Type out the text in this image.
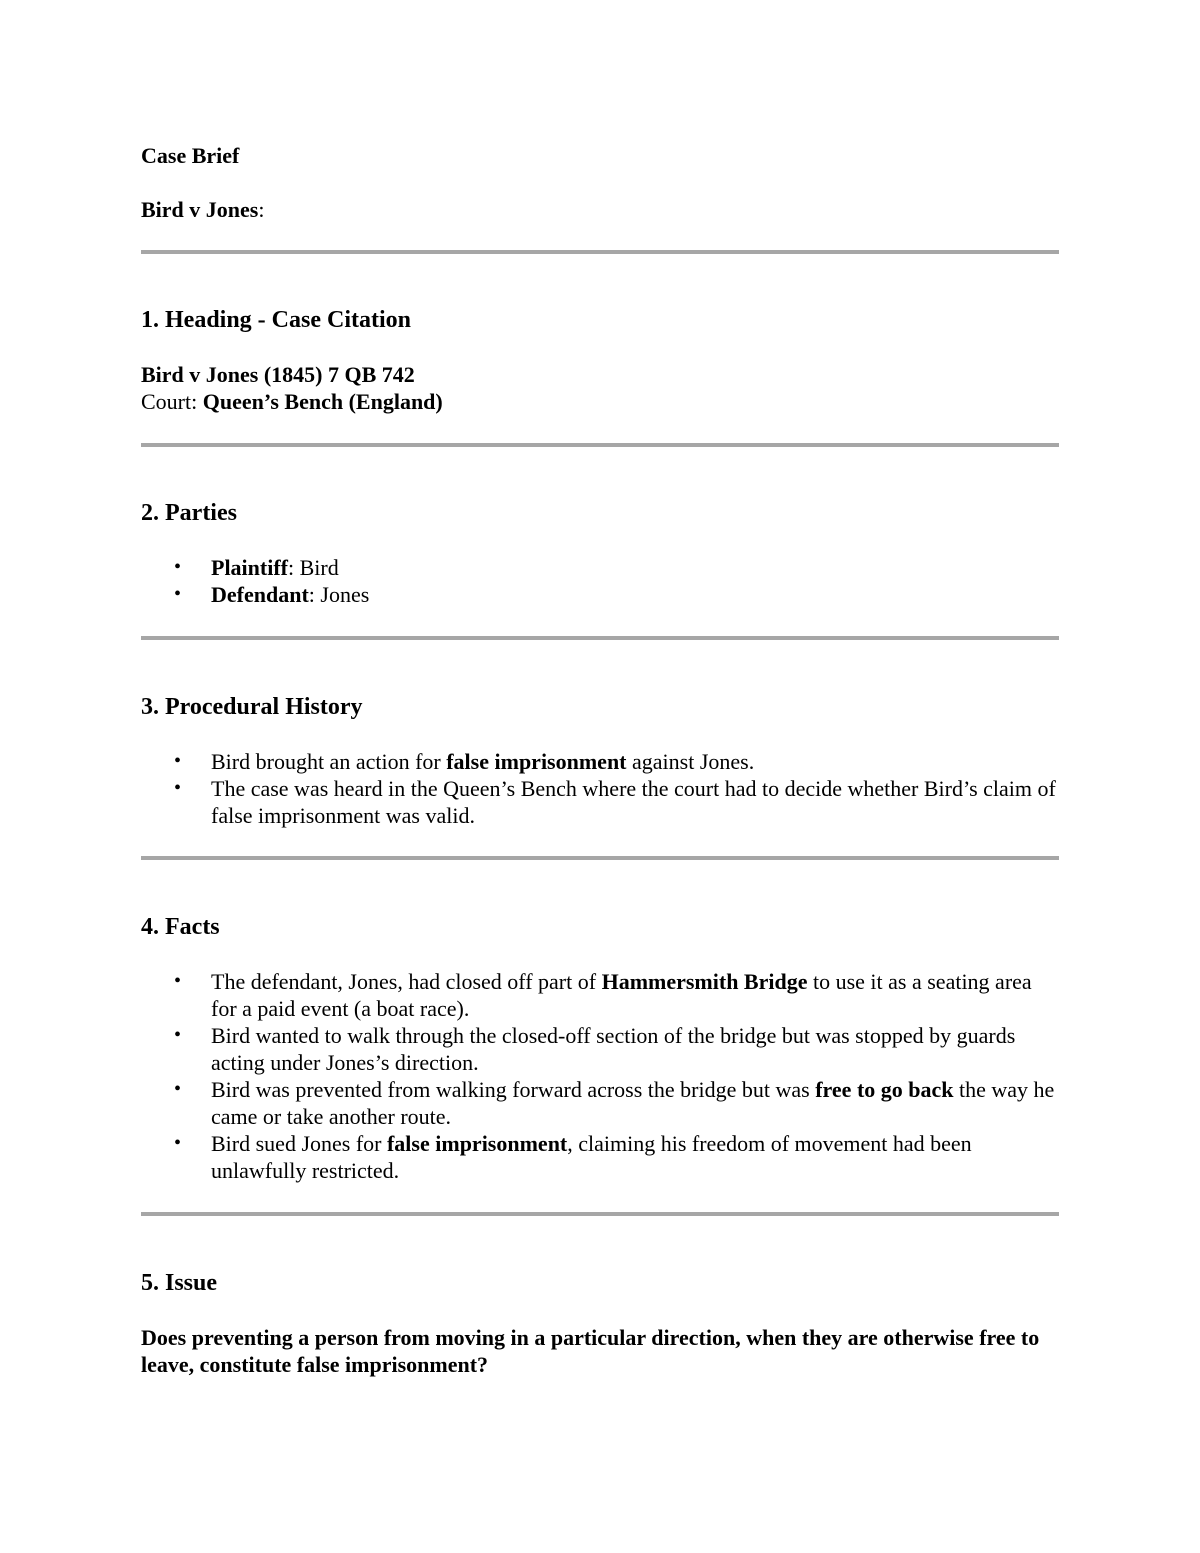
Case Brief

Bird v Jones:

1. Heading - Case Citation

Bird v Jones (1845) 7 QB 742

Court: Queen’s Bench (England)

2. Parties

• Plaintiff: Bird
• Defendant: Jones

3. Procedural History

• Bird brought an action for false imprisonment against Jones.
• The case was heard in the Queen’s Bench where the court had to decide whether Bird’s claim of false imprisonment was valid.

4. Facts

• The defendant, Jones, had closed off part of Hammersmith Bridge to use it as a seating area for a paid event (a boat race).
• Bird wanted to walk through the closed-off section of the bridge but was stopped by guards acting under Jones’s direction.
• Bird was prevented from walking forward across the bridge but was free to go back the way he came or take another route.
• Bird sued Jones for false imprisonment, claiming his freedom of movement had been unlawfully restricted.

5. Issue

Does preventing a person from moving in a particular direction, when they are otherwise free to leave, constitute false imprisonment?
